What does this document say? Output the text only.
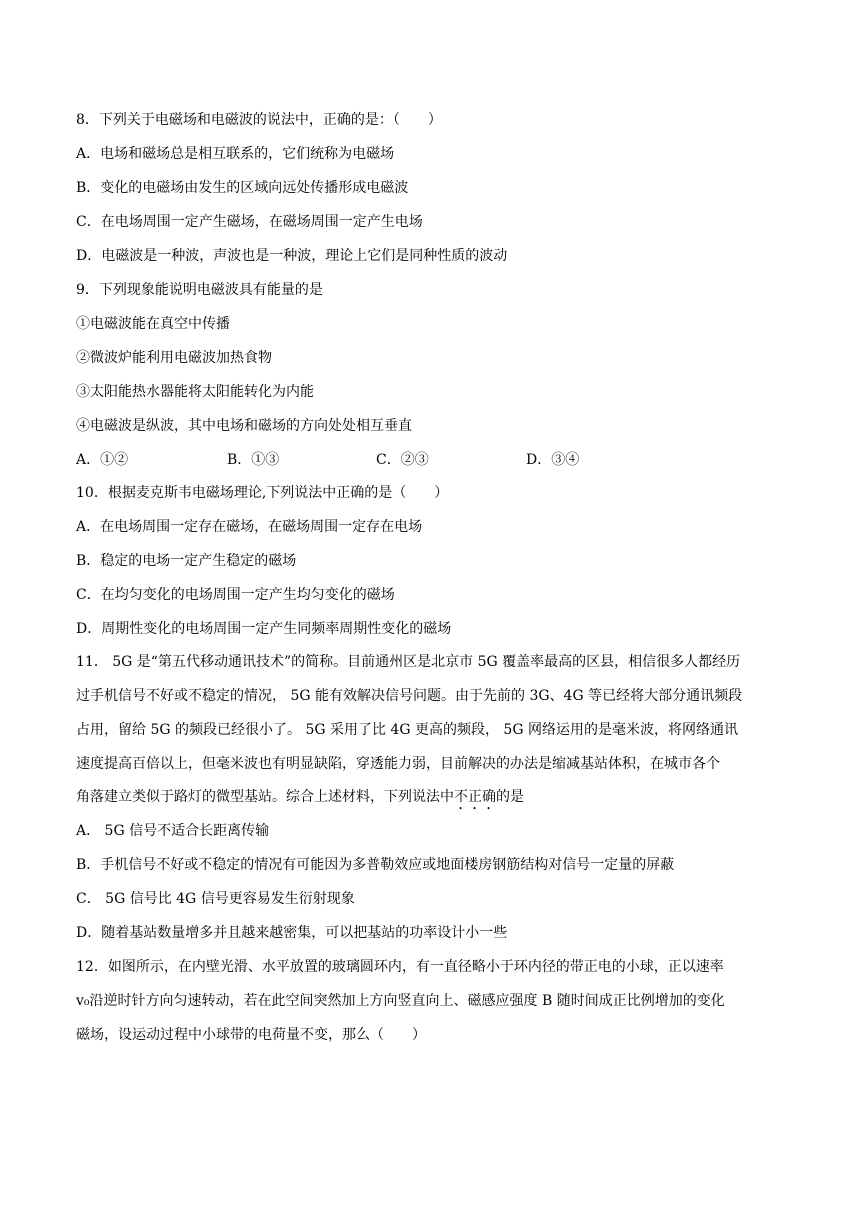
8．下列关于电磁场和电磁波的说法中，正确的是：（　　）
A．电场和磁场总是相互联系的，它们统称为电磁场
B．变化的电磁场由发生的区域向远处传播形成电磁波
C．在电场周围一定产生磁场，在磁场周围一定产生电场
D．电磁波是一种波，声波也是一种波，理论上它们是同种性质的波动
9．下列现象能说明电磁波具有能量的是
①电磁波能在真空中传播
②微波炉能利用电磁波加热食物
③太阳能热水器能将太阳能转化为内能
④电磁波是纵波，其中电场和磁场的方向处处相互垂直
A．①②	B．①③	C．②③	D．③④
10．根据麦克斯韦电磁场理论,下列说法中正确的是（　　）
A．在电场周围一定存在磁场，在磁场周围一定存在电场
B．稳定的电场一定产生稳定的磁场
C．在均匀变化的电场周围一定产生均匀变化的磁场
D．周期性变化的电场周围一定产生同频率周期性变化的磁场
11． 5G 是“第五代移动通讯技术”的简称。目前通州区是北京市 5G 覆盖率最高的区县，相信很多人都经历
过手机信号不好或不稳定的情况， 5G 能有效解决信号问题。由于先前的 3G、4G 等已经将大部分通讯频段
占用，留给 5G 的频段已经很小了。 5G 采用了比 4G 更高的频段， 5G 网络运用的是毫米波，将网络通讯
速度提高百倍以上，但毫米波也有明显缺陷，穿透能力弱，目前解决的办法是缩减基站体积，在城市各个
角落建立类似于路灯的微型基站。综合上述材料，下列说法中不正确的是
A． 5G 信号不适合长距离传输
B．手机信号不好或不稳定的情况有可能因为多普勒效应或地面楼房钢筋结构对信号一定量的屏蔽
C． 5G 信号比 4G 信号更容易发生衍射现象
D．随着基站数量增多并且越来越密集，可以把基站的功率设计小一些
12．如图所示，在内壁光滑、水平放置的玻璃圆环内，有一直径略小于环内径的带正电的小球，正以速率
v₀沿逆时针方向匀速转动，若在此空间突然加上方向竖直向上、磁感应强度 B 随时间成正比例增加的变化
磁场，设运动过程中小球带的电荷量不变，那么（　　）
